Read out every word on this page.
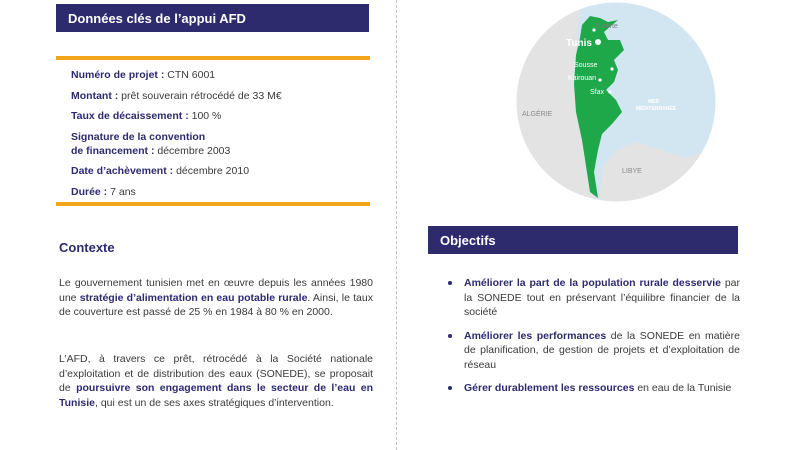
Données clés de l’appui AFD
Numéro de projet : CTN 6001
Montant : prêt souverain rétrocédé de 33 M€
Taux de décaissement : 100 %
Signature de la convention
de financement : décembre 2003
Date d’achèvement : décembre 2010
Durée : 7 ans
Contexte
Le gouvernement tunisien met en œuvre depuis les années 1980 une stratégie d’alimentation en eau potable rurale. Ainsi, le taux de couverture est passé de 25 % en 1984 à 80 % en 2000.
L’AFD, à travers ce prêt, rétrocédé à la Société nationale d’exploitation et de distribution des eaux (SONEDE), se proposait de poursuivre son engagement dans le secteur de l’eau en Tunisie, qui est un de ses axes stratégiques d’intervention.
Tunis
Bizerte
Sousse
Kairouan
Sfax
MER
MÉDITERRANÉE
ALGÉRIE
LIBYE
Objectifs
Améliorer la part de la population rurale desservie par la SONEDE tout en préservant l’équilibre financier de la société
Améliorer les performances de la SONEDE en matière de planification, de gestion de projets et d’exploitation de réseau
Gérer durablement les ressources en eau de la Tunisie
